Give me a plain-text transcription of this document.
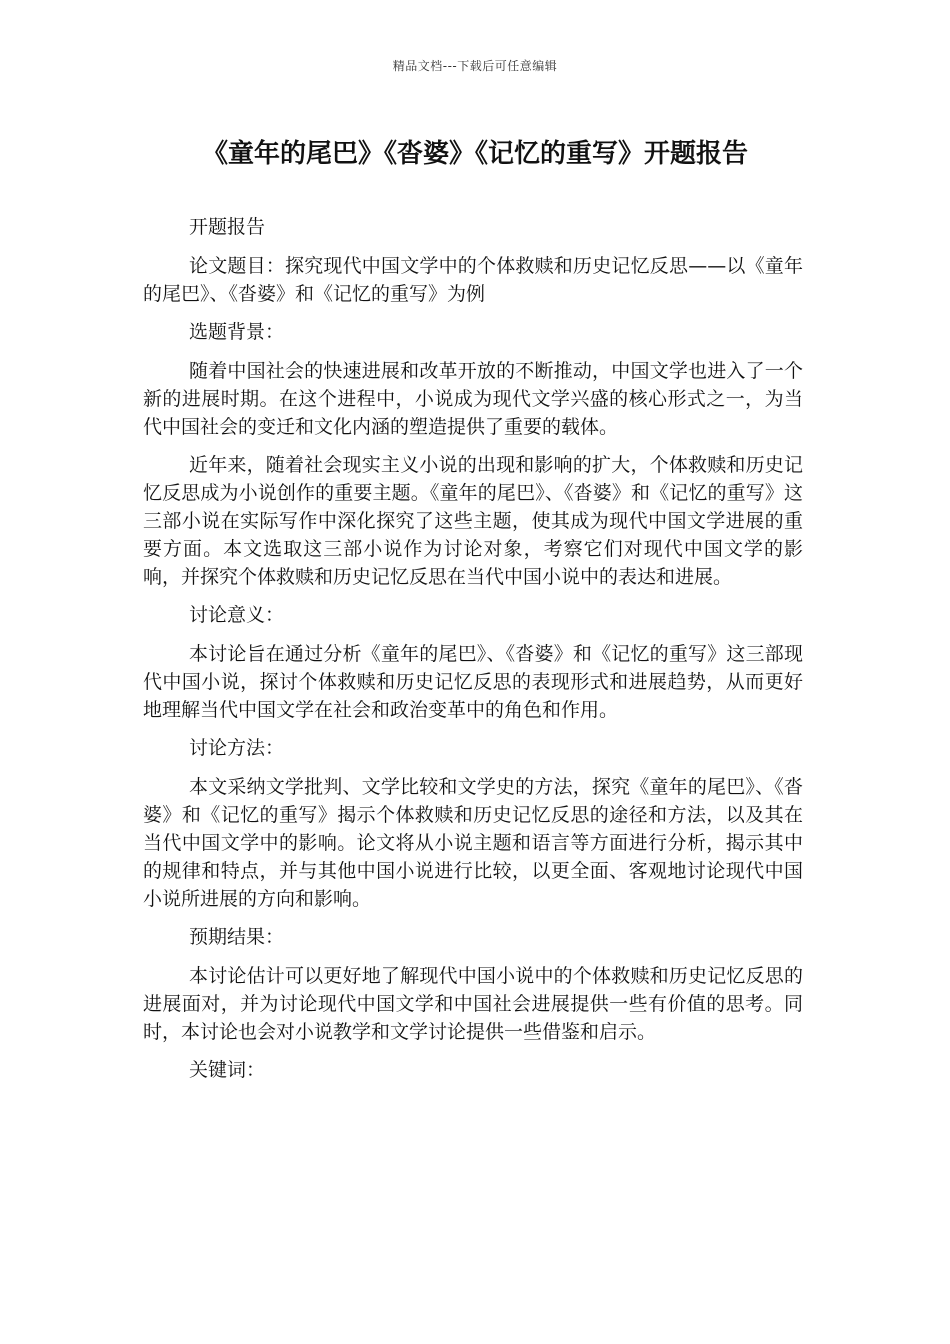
精品文档---下载后可任意编辑
《童年的尾巴》《沓婆》《记忆的重写》开题报告

开题报告

论文题目：探究现代中国文学中的个体救赎和历史记忆反思——以《童年的尾巴》、《沓婆》和《记忆的重写》为例

选题背景：

随着中国社会的快速进展和改革开放的不断推动，中国文学也进入了一个新的进展时期。在这个进程中，小说成为现代文学兴盛的核心形式之一，为当代中国社会的变迁和文化内涵的塑造提供了重要的载体。

近年来，随着社会现实主义小说的出现和影响的扩大，个体救赎和历史记忆反思成为小说创作的重要主题。《童年的尾巴》、《沓婆》和《记忆的重写》这三部小说在实际写作中深化探究了这些主题，使其成为现代中国文学进展的重要方面。本文选取这三部小说作为讨论对象，考察它们对现代中国文学的影响，并探究个体救赎和历史记忆反思在当代中国小说中的表达和进展。

讨论意义：

本讨论旨在通过分析《童年的尾巴》、《沓婆》和《记忆的重写》这三部现代中国小说，探讨个体救赎和历史记忆反思的表现形式和进展趋势，从而更好地理解当代中国文学在社会和政治变革中的角色和作用。

讨论方法：

本文采纳文学批判、文学比较和文学史的方法，探究《童年的尾巴》、《沓婆》和《记忆的重写》揭示个体救赎和历史记忆反思的途径和方法，以及其在当代中国文学中的影响。论文将从小说主题和语言等方面进行分析，揭示其中的规律和特点，并与其他中国小说进行比较，以更全面、客观地讨论现代中国小说所进展的方向和影响。

预期结果：

本讨论估计可以更好地了解现代中国小说中的个体救赎和历史记忆反思的进展面对，并为讨论现代中国文学和中国社会进展提供一些有价值的思考。同时，本讨论也会对小说教学和文学讨论提供一些借鉴和启示。

关键词：
